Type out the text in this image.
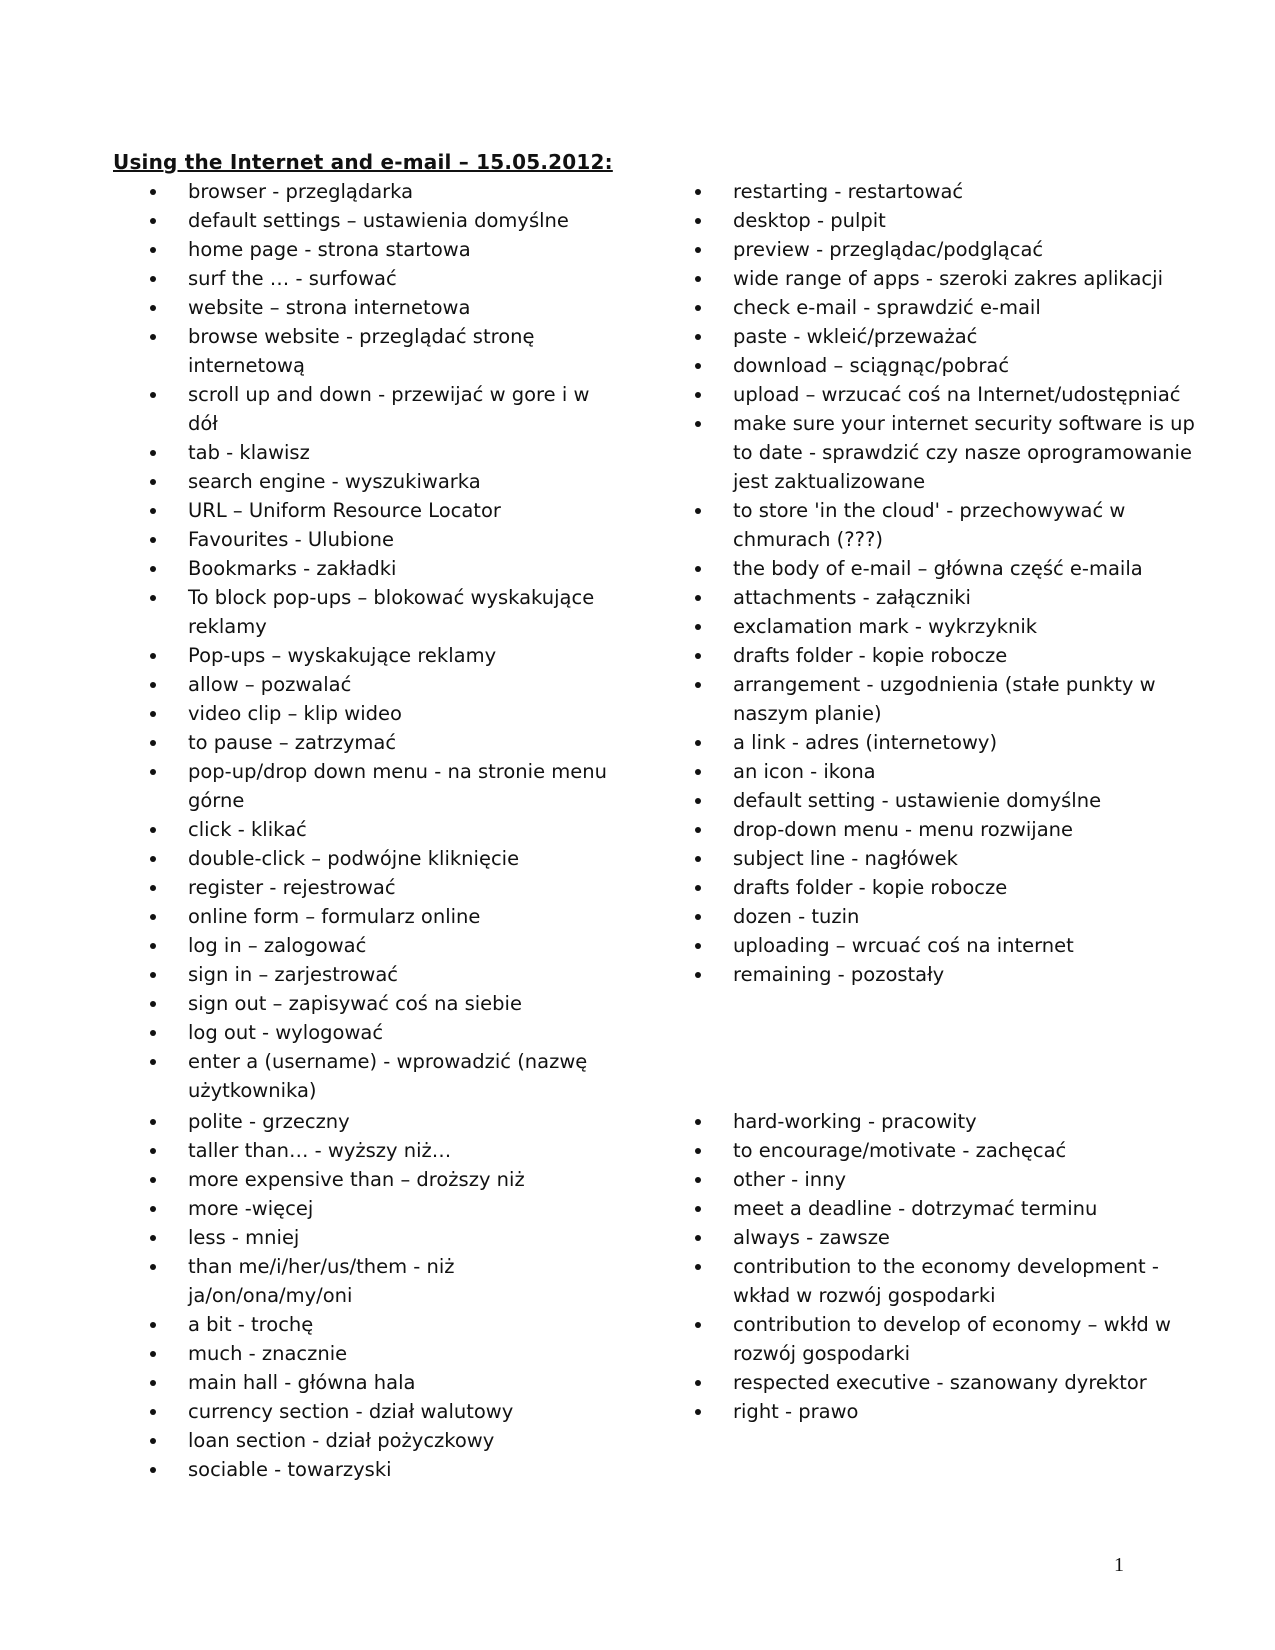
Using the Internet and e-mail – 15.05.2012:
browser - przeglądarka
default settings – ustawienia domyślne
home page - strona startowa
surf the … - surfować
website – strona internetowa
browse website - przeglądać stronę internetową
scroll up and down - przewijać w gore i w dół
tab - klawisz
search engine - wyszukiwarka
URL – Uniform Resource Locator
Favourites - Ulubione
Bookmarks - zakładki
To block pop-ups – blokować wyskakujące reklamy
Pop-ups – wyskakujące reklamy
allow – pozwalać
video clip – klip wideo
to pause – zatrzymać
pop-up/drop down menu - na stronie menu górne
click - klikać
double-click – podwójne kliknięcie
register - rejestrować
online form – formularz online
log in – zalogować
sign in – zarjestrować
sign out – zapisywać coś na siebie
log out - wylogować
enter a (username) - wprowadzić (nazwę użytkownika)
restarting - restartować
desktop - pulpit
preview - przeglądac/podglącać
wide range of apps - szeroki zakres aplikacji
check e-mail - sprawdzić e-mail
paste - wkleić/przeważać
download – sciągnąc/pobrać
upload – wrzucać coś na Internet/udostępniać
make sure your internet security software is up to date - sprawdzić czy nasze oprogramowanie jest zaktualizowane
to store 'in the cloud' - przechowywać w chmurach (???)
the body of e-mail – główna część e-maila
attachments - załączniki
exclamation mark - wykrzyknik
drafts folder - kopie robocze
arrangement - uzgodnienia (stałe punkty w naszym planie)
a link - adres (internetowy)
an icon - ikona
default setting - ustawienie domyślne
drop-down menu - menu rozwijane
subject line - nagłówek
drafts folder - kopie robocze
dozen - tuzin
uploading – wrcuać coś na internet
remaining - pozostały
polite - grzeczny
taller than… - wyższy niż…
more expensive than – droższy niż
more -więcej
less - mniej
than me/i/her/us/them - niż ja/on/ona/my/oni
a bit - trochę
much - znacznie
main hall - główna hala
currency section - dział walutowy
loan section - dział pożyczkowy
sociable - towarzyski
hard-working - pracowity
to encourage/motivate - zachęcać
other - inny
meet a deadline - dotrzymać terminu
always - zawsze
contribution to the economy development - wkład w rozwój gospodarki
contribution to develop of economy – wkłd w rozwój gospodarki
respected executive - szanowany dyrektor
right - prawo
1
